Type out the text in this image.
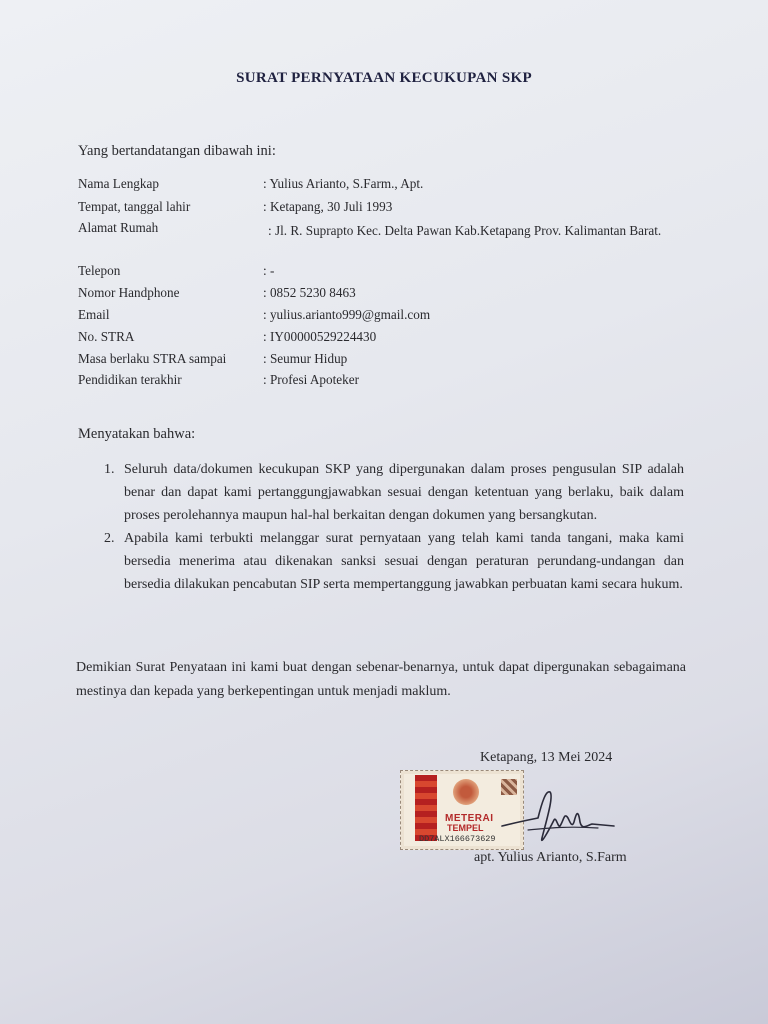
SURAT PERNYATAAN KECUKUPAN SKP
Yang bertandatangan dibawah ini:
Nama Lengkap	: Yulius Arianto, S.Farm., Apt.
Tempat, tanggal lahir	: Ketapang, 30 Juli 1993
Alamat Rumah	: Jl. R. Suprapto Kec. Delta Pawan Kab.Ketapang Prov. Kalimantan Barat.
Telepon	: -
Nomor Handphone	: 0852 5230 8463
Email	: yulius.arianto999@gmail.com
No. STRA	: IY00000529224430
Masa berlaku STRA sampai	: Seumur Hidup
Pendidikan terakhir	: Profesi Apoteker
Menyatakan bahwa:
1. Seluruh data/dokumen kecukupan SKP yang dipergunakan dalam proses pengusulan SIP adalah benar dan dapat kami pertanggungjawabkan sesuai dengan ketentuan yang berlaku, baik dalam proses perolehannya maupun hal-hal berkaitan dengan dokumen yang bersangkutan.
2. Apabila kami terbukti melanggar surat pernyataan yang telah kami tanda tangani, maka kami bersedia menerima atau dikenakan sanksi sesuai dengan peraturan perundang-undangan dan bersedia dilakukan pencabutan SIP serta mempertanggung jawabkan perbuatan kami secara hukum.
Demikian Surat Penyataan ini kami buat dengan sebenar-benarnya, untuk dapat dipergunakan sebagaimana mestinya dan kepada yang berkepentingan untuk menjadi maklum.
Ketapang, 13 Mei 2024
METERAI
TEMPEL
DD7ALX166673629
apt. Yulius Arianto, S.Farm
